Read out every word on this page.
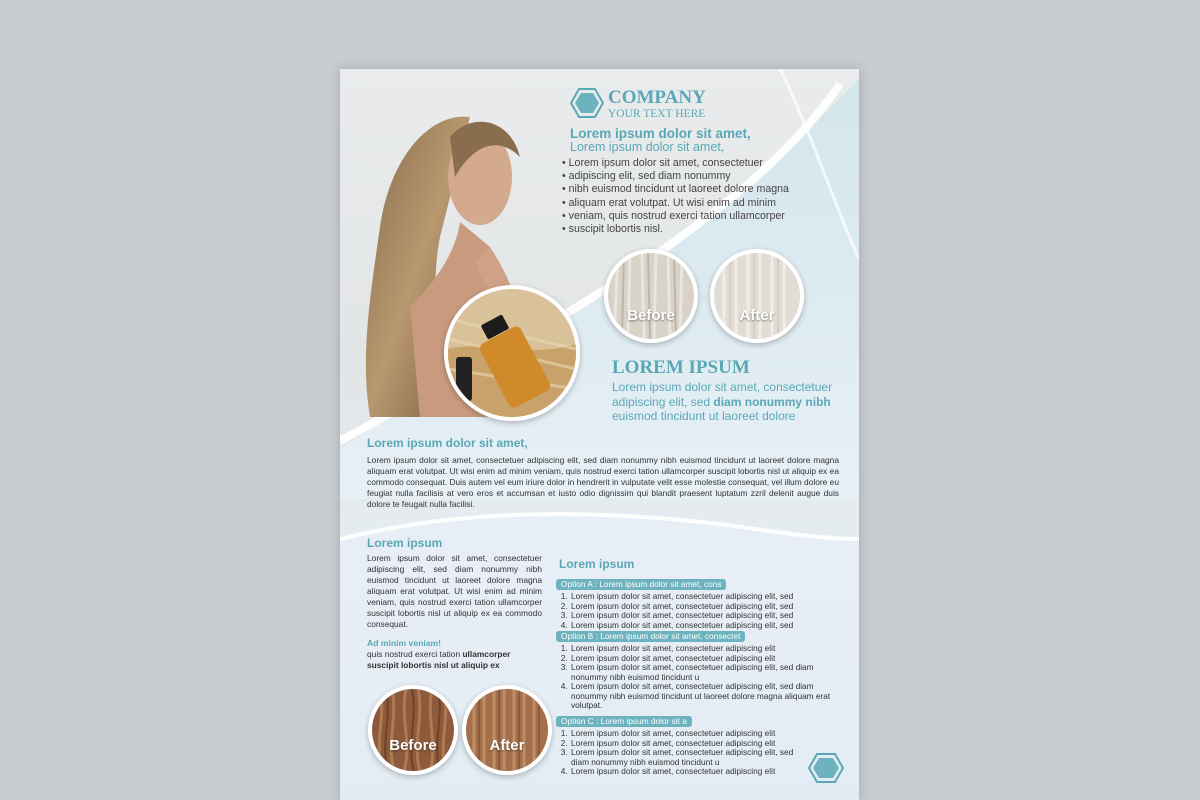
COMPANY
YOUR TEXT HERE
Lorem ipsum dolor sit amet,
Lorem ipsum dolor sit amet,
• Lorem ipsum dolor sit amet, consectetuer
• adipiscing elit, sed diam nonummy
• nibh euismod tincidunt ut laoreet dolore magna
• aliquam erat volutpat. Ut wisi enim ad minim
• veniam, quis nostrud exerci tation ullamcorper
• suscipit lobortis nisl.
Before	After
LOREM IPSUM
Lorem ipsum dolor sit amet, consectetuer
adipiscing elit, sed diam nonummy nibh
euismod tincidunt ut laoreet dolore
Lorem ipsum dolor sit amet,
Lorem ipsum dolor sit amet, consectetuer adipiscing elit, sed diam nonummy nibh euismod tincidunt ut laoreet dolore magna aliquam erat volutpat. Ut wisi enim ad minim veniam, quis nostrud exerci tation ullamcorper suscipit lobortis nisl ut aliquip ex ea commodo consequat. Duis autem vel eum iriure dolor in hendrerit in vulputate velit esse molestie consequat, vel illum dolore eu feugiat nulla facilisis at vero eros et accumsan et iusto odio dignissim qui blandit praesent luptatum zzril delenit augue duis dolore te feugait nulla facilisi.
Lorem ipsum
Lorem ipsum dolor sit amet, consectetuer adipiscing elit, sed diam nonummy nibh euismod tincidunt ut laoreet dolore magna aliquam erat volutpat. Ut wisi enim ad minim veniam, quis nostrud exerci tation ullamcorper suscipit lobortis nisl ut aliquip ex ea commodo consequat.
Ad minim veniam!
quis nostrud exerci tation ullamcorper
suscipit lobortis nisl ut aliquip ex
Before	After
Lorem ipsum
Option A : Lorem ipsum dolor sit amet, cons
1. Lorem ipsum dolor sit amet, consectetuer adipiscing elit, sed
2. Lorem ipsum dolor sit amet, consectetuer adipiscing elit, sed
3. Lorem ipsum dolor sit amet, consectetuer adipiscing elit, sed
4. Lorem ipsum dolor sit amet, consectetuer adipiscing elit, sed
Option B : Lorem ipsum dolor sit amet, consectet
1. Lorem ipsum dolor sit amet, consectetuer adipiscing elit
2. Lorem ipsum dolor sit amet, consectetuer adipiscing elit
3. Lorem ipsum dolor sit amet, consectetuer adipiscing elit, sed diam nonummy nibh euismod tincidunt u
4. Lorem ipsum dolor sit amet, consectetuer adipiscing elit, sed diam nonummy nibh euismod tincidunt ut laoreet dolore magna aliquam erat volutpat.
Option C : Lorem ipsum dolor sit a
1. Lorem ipsum dolor sit amet, consectetuer adipiscing elit
2. Lorem ipsum dolor sit amet, consectetuer adipiscing elit
3. Lorem ipsum dolor sit amet, consectetuer adipiscing elit, sed diam nonummy nibh euismod tincidunt u
4. Lorem ipsum dolor sit amet, consectetuer adipiscing elit
